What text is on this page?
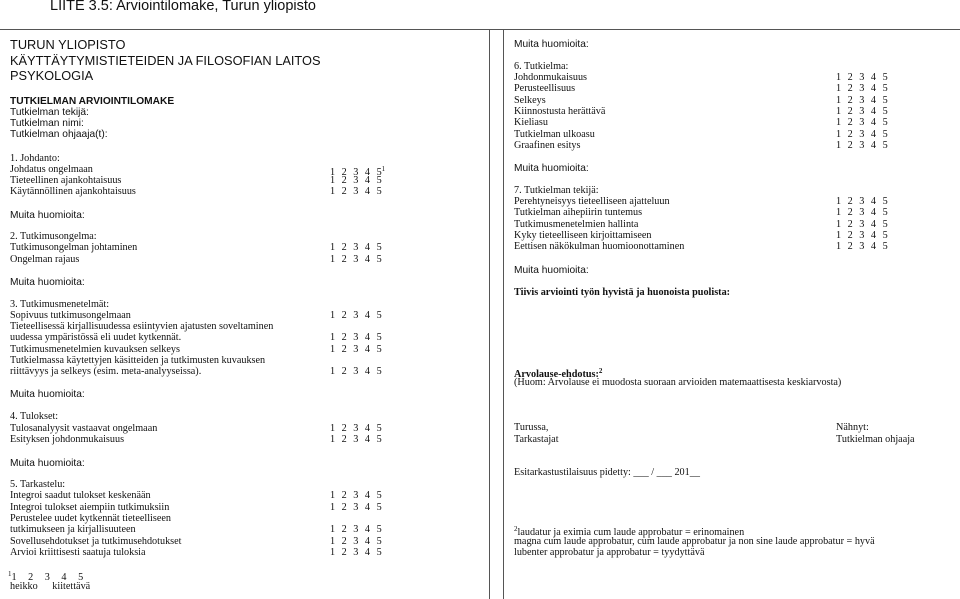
LIITE 3.5: Arviointilomake, Turun yliopisto
TURUN YLIOPISTO
KÄYTTÄYTYMISTIETEIDEN JA FILOSOFIAN LAITOS
PSYKOLOGIA
TUTKIELMAN ARVIOINTILOMAKE
Tutkielman tekijä:
Tutkielman nimi:
Tutkielman ohjaaja(t):
1. Johdanto:
Johdatus ongelmaan	1 2 3 4 $5^1$
Tieteellinen ajankohtaisuus	1 2 3 4 5
Käytännöllinen ajankohtaisuus	1 2 3 4 5
Muita huomioita:
2. Tutkimusongelma:
Tutkimusongelman johtaminen	1 2 3 4 5
Ongelman rajaus	1 2 3 4 5
Muita huomioita:
3. Tutkimusmenetelmät:
Sopivuus tutkimusongelmaan	1 2 3 4 5
Tieteellisessä kirjallisuudessa esiintyvien ajatusten soveltaminen
uudessa ympäristössä eli uudet kytkennät.	1 2 3 4 5
Tutkimusmenetelmien kuvauksen selkeys	1 2 3 4 5
Tutkielmassa käytettyjen käsitteiden ja tutkimusten kuvauksen
riittävyys ja selkeys (esim. meta-analyyseissa).	1 2 3 4 5
Muita huomioita:
4. Tulokset:
Tulosanalyysit vastaavat ongelmaan	1 2 3 4 5
Esityksen johdonmukaisuus	1 2 3 4 5
Muita huomioita:
5. Tarkastelu:
Integroi saadut tulokset keskenään	1 2 3 4 5
Integroi tulokset aiempiin tutkimuksiin	1 2 3 4 5
Perustelee uudet kytkennät tieteelliseen
tutkimukseen ja kirjallisuuteen	1 2 3 4 5
Sovellusehdotukset ja tutkimusehdotukset	1 2 3 4 5
Arvioi kriittisesti saatuja tuloksia	1 2 3 4 5
$^1$1 2 3 4 5
heikko kiitettävä
Muita huomioita:
6. Tutkielma:
Johdonmukaisuus	1 2 3 4 5
Perusteellisuus	1 2 3 4 5
Selkeys	1 2 3 4 5
Kiinnostusta herättävä	1 2 3 4 5
Kieliasu	1 2 3 4 5
Tutkielman ulkoasu	1 2 3 4 5
Graafinen esitys	1 2 3 4 5
Muita huomioita:
7. Tutkielman tekijä:
Perehtyneisyys tieteelliseen ajatteluun	1 2 3 4 5
Tutkielman aihepiirin tuntemus	1 2 3 4 5
Tutkimusmenetelmien hallinta	1 2 3 4 5
Kyky tieteelliseen kirjoittamiseen	1 2 3 4 5
Eettisen näkökulman huomioonottaminen	1 2 3 4 5
Muita huomioita:
Tiivis arviointi työn hyvistä ja huonoista puolista:
Arvolause-ehdotus:$^2$
(Huom: Arvolause ei muodosta suoraan arvioiden matemaattisesta keskiarvosta)
Turussa,	Nähnyt:
Tarkastajat	Tutkielman ohjaaja
Esitarkastustilaisuus pidetty: ___ / ___ 201__
$^2$laudatur ja eximia cum laude approbatur = erinomainen
magna cum laude approbatur, cum laude approbatur ja non sine laude approbatur = hyvä
lubenter approbatur ja approbatur = tyydyttävä
